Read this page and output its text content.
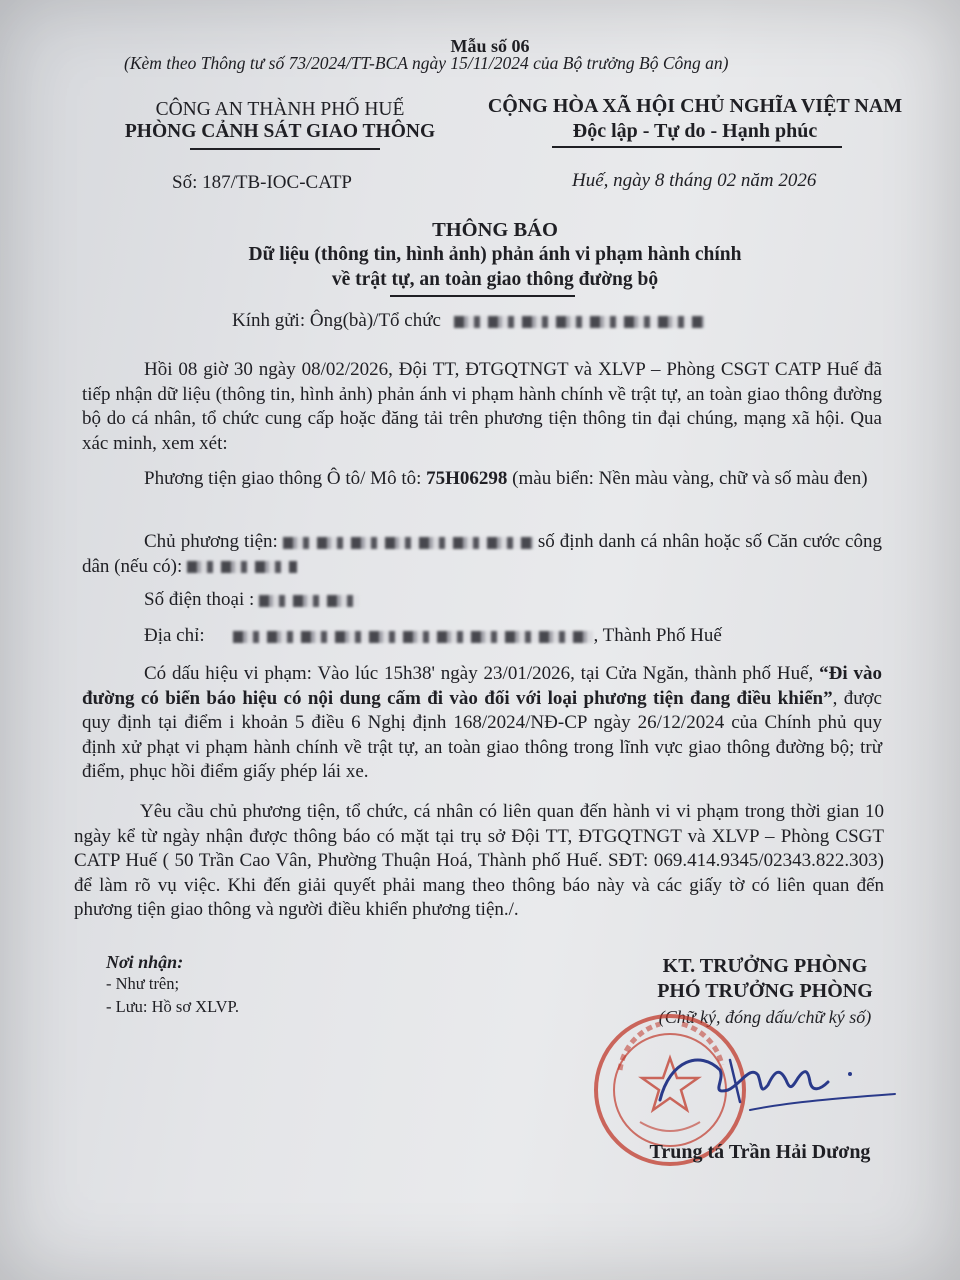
Mẫu số 06
(Kèm theo Thông tư số 73/2024/TT-BCA ngày 15/11/2024 của Bộ trưởng Bộ Công an)
CÔNG AN THÀNH PHỐ HUẾ
PHÒNG CẢNH SÁT GIAO THÔNG
CỘNG HÒA XÃ HỘI CHỦ NGHĨA VIỆT NAM
Độc lập - Tự do - Hạnh phúc
Số: 187/TB-IOC-CATP	Huế, ngày 8 tháng 02 năm 2026
THÔNG BÁO
Dữ liệu (thông tin, hình ảnh) phản ánh vi phạm hành chính
về trật tự, an toàn giao thông đường bộ
Kính gửi: Ông(bà)/Tổ chức
Hồi 08 giờ 30 ngày 08/02/2026, Đội TT, ĐTGQTNGT và XLVP – Phòng CSGT CATP Huế đã tiếp nhận dữ liệu (thông tin, hình ảnh) phản ánh vi phạm hành chính về trật tự, an toàn giao thông đường bộ do cá nhân, tổ chức cung cấp hoặc đăng tải trên phương tiện thông tin đại chúng, mạng xã hội. Qua xác minh, xem xét:
Phương tiện giao thông Ô tô/ Mô tô: 75H06298 (màu biển: Nền màu vàng, chữ và số màu đen)
Chủ phương tiện:	số định danh cá nhân hoặc số Căn cước công dân (nếu có):
Số điện thoại :
Địa chỉ:	, Thành Phố Huế
Có dấu hiệu vi phạm: Vào lúc 15h38' ngày 23/01/2026, tại Cửa Ngăn, thành phố Huế, “Đi vào đường có biển báo hiệu có nội dung cấm đi vào đối với loại phương tiện đang điều khiển”, được quy định tại điểm i khoản 5 điều 6 Nghị định 168/2024/NĐ-CP ngày 26/12/2024 của Chính phủ quy định xử phạt vi phạm hành chính về trật tự, an toàn giao thông trong lĩnh vực giao thông đường bộ; trừ điểm, phục hồi điểm giấy phép lái xe.
Yêu cầu chủ phương tiện, tổ chức, cá nhân có liên quan đến hành vi vi phạm trong thời gian 10 ngày kể từ ngày nhận được thông báo có mặt tại trụ sở Đội TT, ĐTGQTNGT và XLVP – Phòng CSGT CATP Huế ( 50 Trần Cao Vân, Phường Thuận Hoá, Thành phố Huế. SĐT: 069.414.9345/02343.822.303) để làm rõ vụ việc. Khi đến giải quyết phải mang theo thông báo này và các giấy tờ có liên quan đến phương tiện giao thông và người điều khiển phương tiện./.
Nơi nhận:
- Như trên;
- Lưu: Hồ sơ XLVP.
KT. TRƯỞNG PHÒNG
PHÓ TRƯỞNG PHÒNG
(Chữ ký, đóng dấu/chữ ký số)
Trung tá Trần Hải Dương
